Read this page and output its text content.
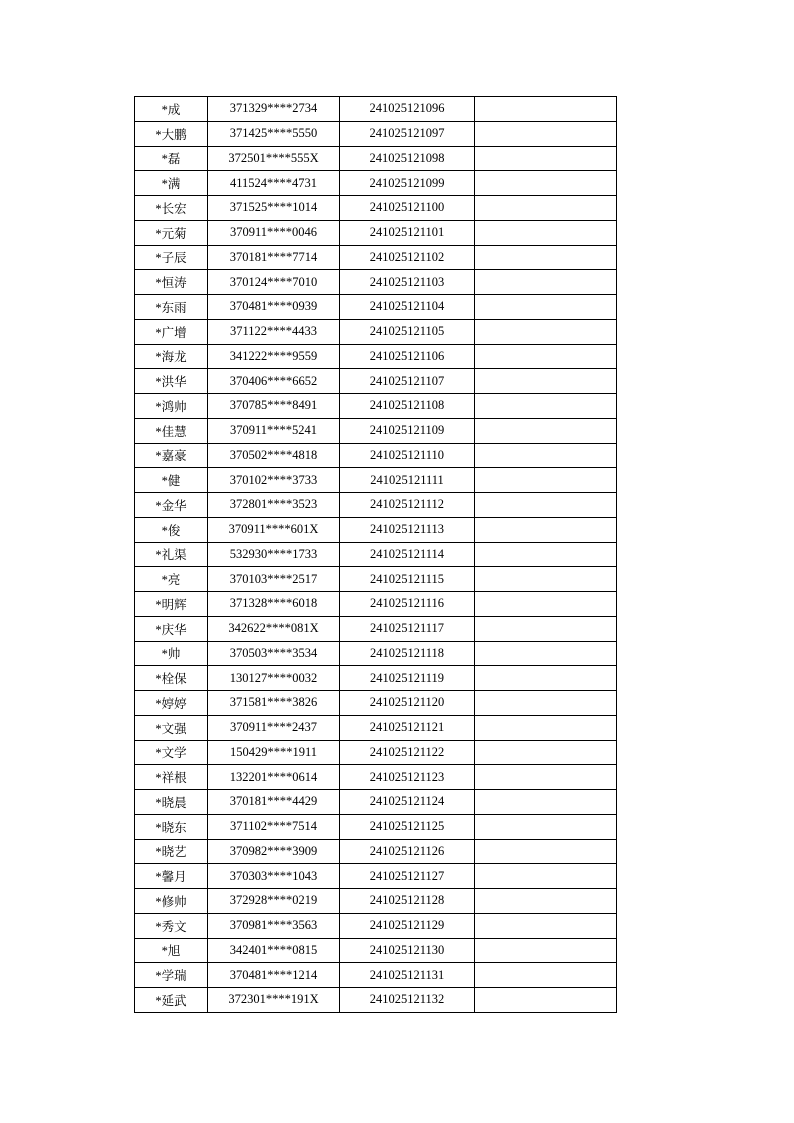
*成	371329****2734	241025121096	
*大鹏	371425****5550	241025121097	
*磊	372501****555X	241025121098	
*满	411524****4731	241025121099	
*长宏	371525****1014	241025121100	
*元菊	370911****0046	241025121101	
*子辰	370181****7714	241025121102	
*恒涛	370124****7010	241025121103	
*东雨	370481****0939	241025121104	
*广增	371122****4433	241025121105	
*海龙	341222****9559	241025121106	
*洪华	370406****6652	241025121107	
*鸿帅	370785****8491	241025121108	
*佳慧	370911****5241	241025121109	
*嘉豪	370502****4818	241025121110	
*健	370102****3733	241025121111	
*金华	372801****3523	241025121112	
*俊	370911****601X	241025121113	
*礼渠	532930****1733	241025121114	
*亮	370103****2517	241025121115	
*明辉	371328****6018	241025121116	
*庆华	342622****081X	241025121117	
*帅	370503****3534	241025121118	
*栓保	130127****0032	241025121119	
*婷婷	371581****3826	241025121120	
*文强	370911****2437	241025121121	
*文学	150429****1911	241025121122	
*祥根	132201****0614	241025121123	
*晓晨	370181****4429	241025121124	
*晓东	371102****7514	241025121125	
*晓艺	370982****3909	241025121126	
*馨月	370303****1043	241025121127	
*修帅	372928****0219	241025121128	
*秀文	370981****3563	241025121129	
*旭	342401****0815	241025121130	
*学瑞	370481****1214	241025121131	
*延武	372301****191X	241025121132	
